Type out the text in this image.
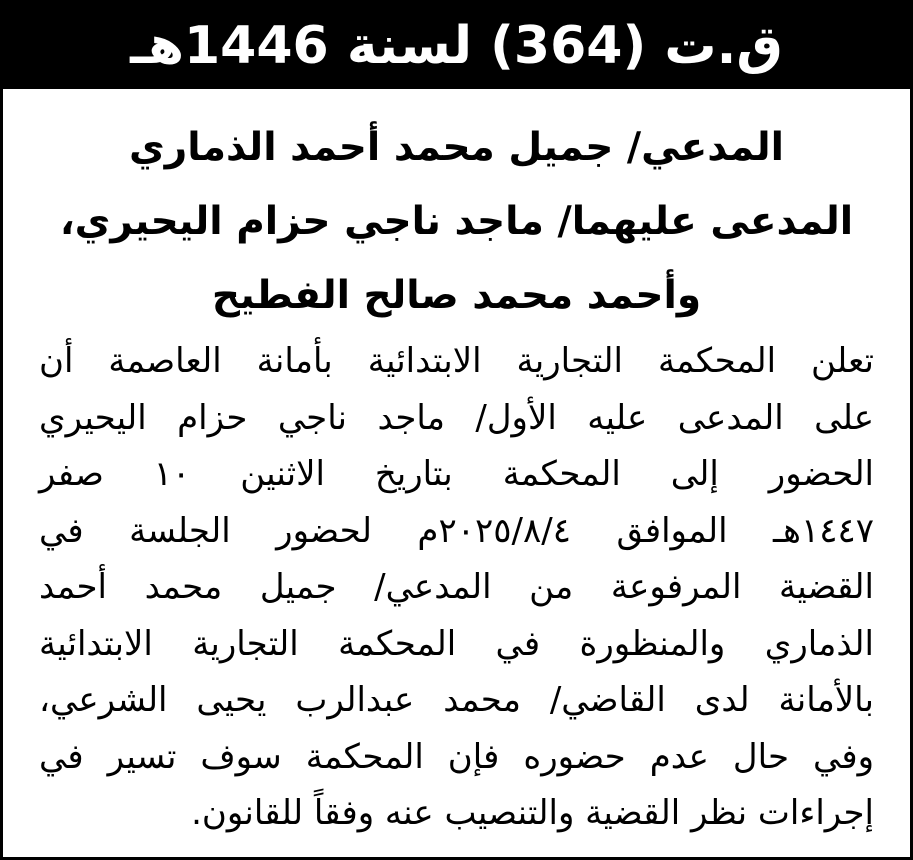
ق.ت (364) لسنة 1446هـ
المدعي/ جميل محمد أحمد الذماري
المدعى عليهما/ ماجد ناجي حزام اليحيري،
وأحمد محمد صالح الفطيح
تعلن المحكمة التجارية الابتدائية بأمانة العاصمة أن
على المدعى عليه الأول/ ماجد ناجي حزام اليحيري
الحضور إلى المحكمة بتاريخ الاثنين ١٠ صفر
١٤٤٧هـ الموافق ٢٠٢٥/٨/٤م لحضور الجلسة في
القضية المرفوعة من المدعي/ جميل محمد أحمد
الذماري والمنظورة في المحكمة التجارية الابتدائية
بالأمانة لدى القاضي/ محمد عبدالرب يحيى الشرعي،
وفي حال عدم حضوره فإن المحكمة سوف تسير في
إجراءات نظر القضية والتنصيب عنه وفقاً للقانون.
